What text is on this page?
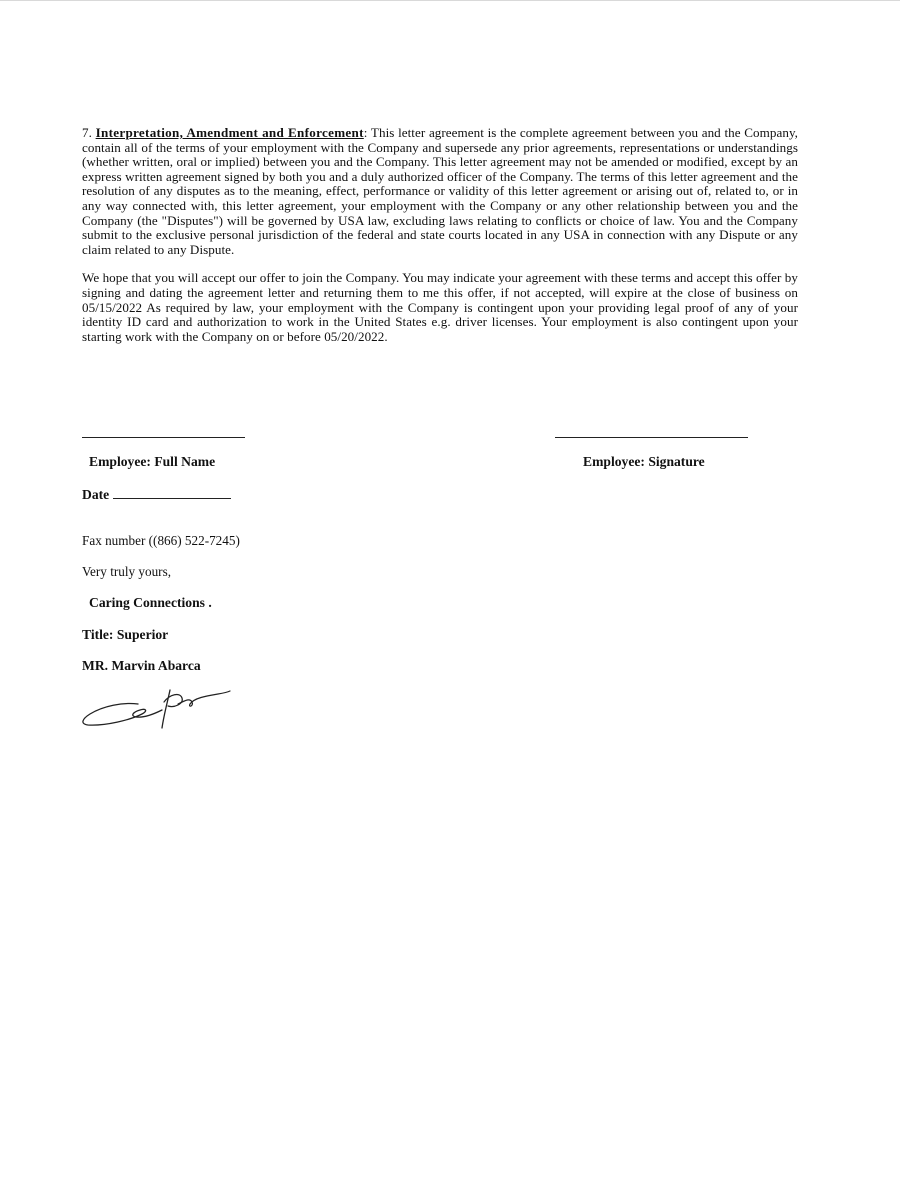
7. Interpretation, Amendment and Enforcement: This letter agreement is the complete agreement between you and the Company, contain all of the terms of your employment with the Company and supersede any prior agreements, representations or understandings (whether written, oral or implied) between you and the Company. This letter agreement may not be amended or modified, except by an express written agreement signed by both you and a duly authorized officer of the Company. The terms of this letter agreement and the resolution of any disputes as to the meaning, effect, performance or validity of this letter agreement or arising out of, related to, or in any way connected with, this letter agreement, your employment with the Company or any other relationship between you and the Company (the "Disputes") will be governed by USA law, excluding laws relating to conflicts or choice of law. You and the Company submit to the exclusive personal jurisdiction of the federal and state courts located in any USA in connection with any Dispute or any claim related to any Dispute.

We hope that you will accept our offer to join the Company. You may indicate your agreement with these terms and accept this offer by signing and dating the agreement letter and returning them to me this offer, if not accepted, will expire at the close of business on 05/15/2022 As required by law, your employment with the Company is contingent upon your providing legal proof of any of your identity ID card and authorization to work in the United States e.g. driver licenses. Your employment is also contingent upon your starting work with the Company on or before 05/20/2022.

Employee: Full Name	Employee: Signature
Date
Fax number ((866) 522-7245)
Very truly yours,
Caring Connections .
Title: Superior
MR. Marvin Abarca
